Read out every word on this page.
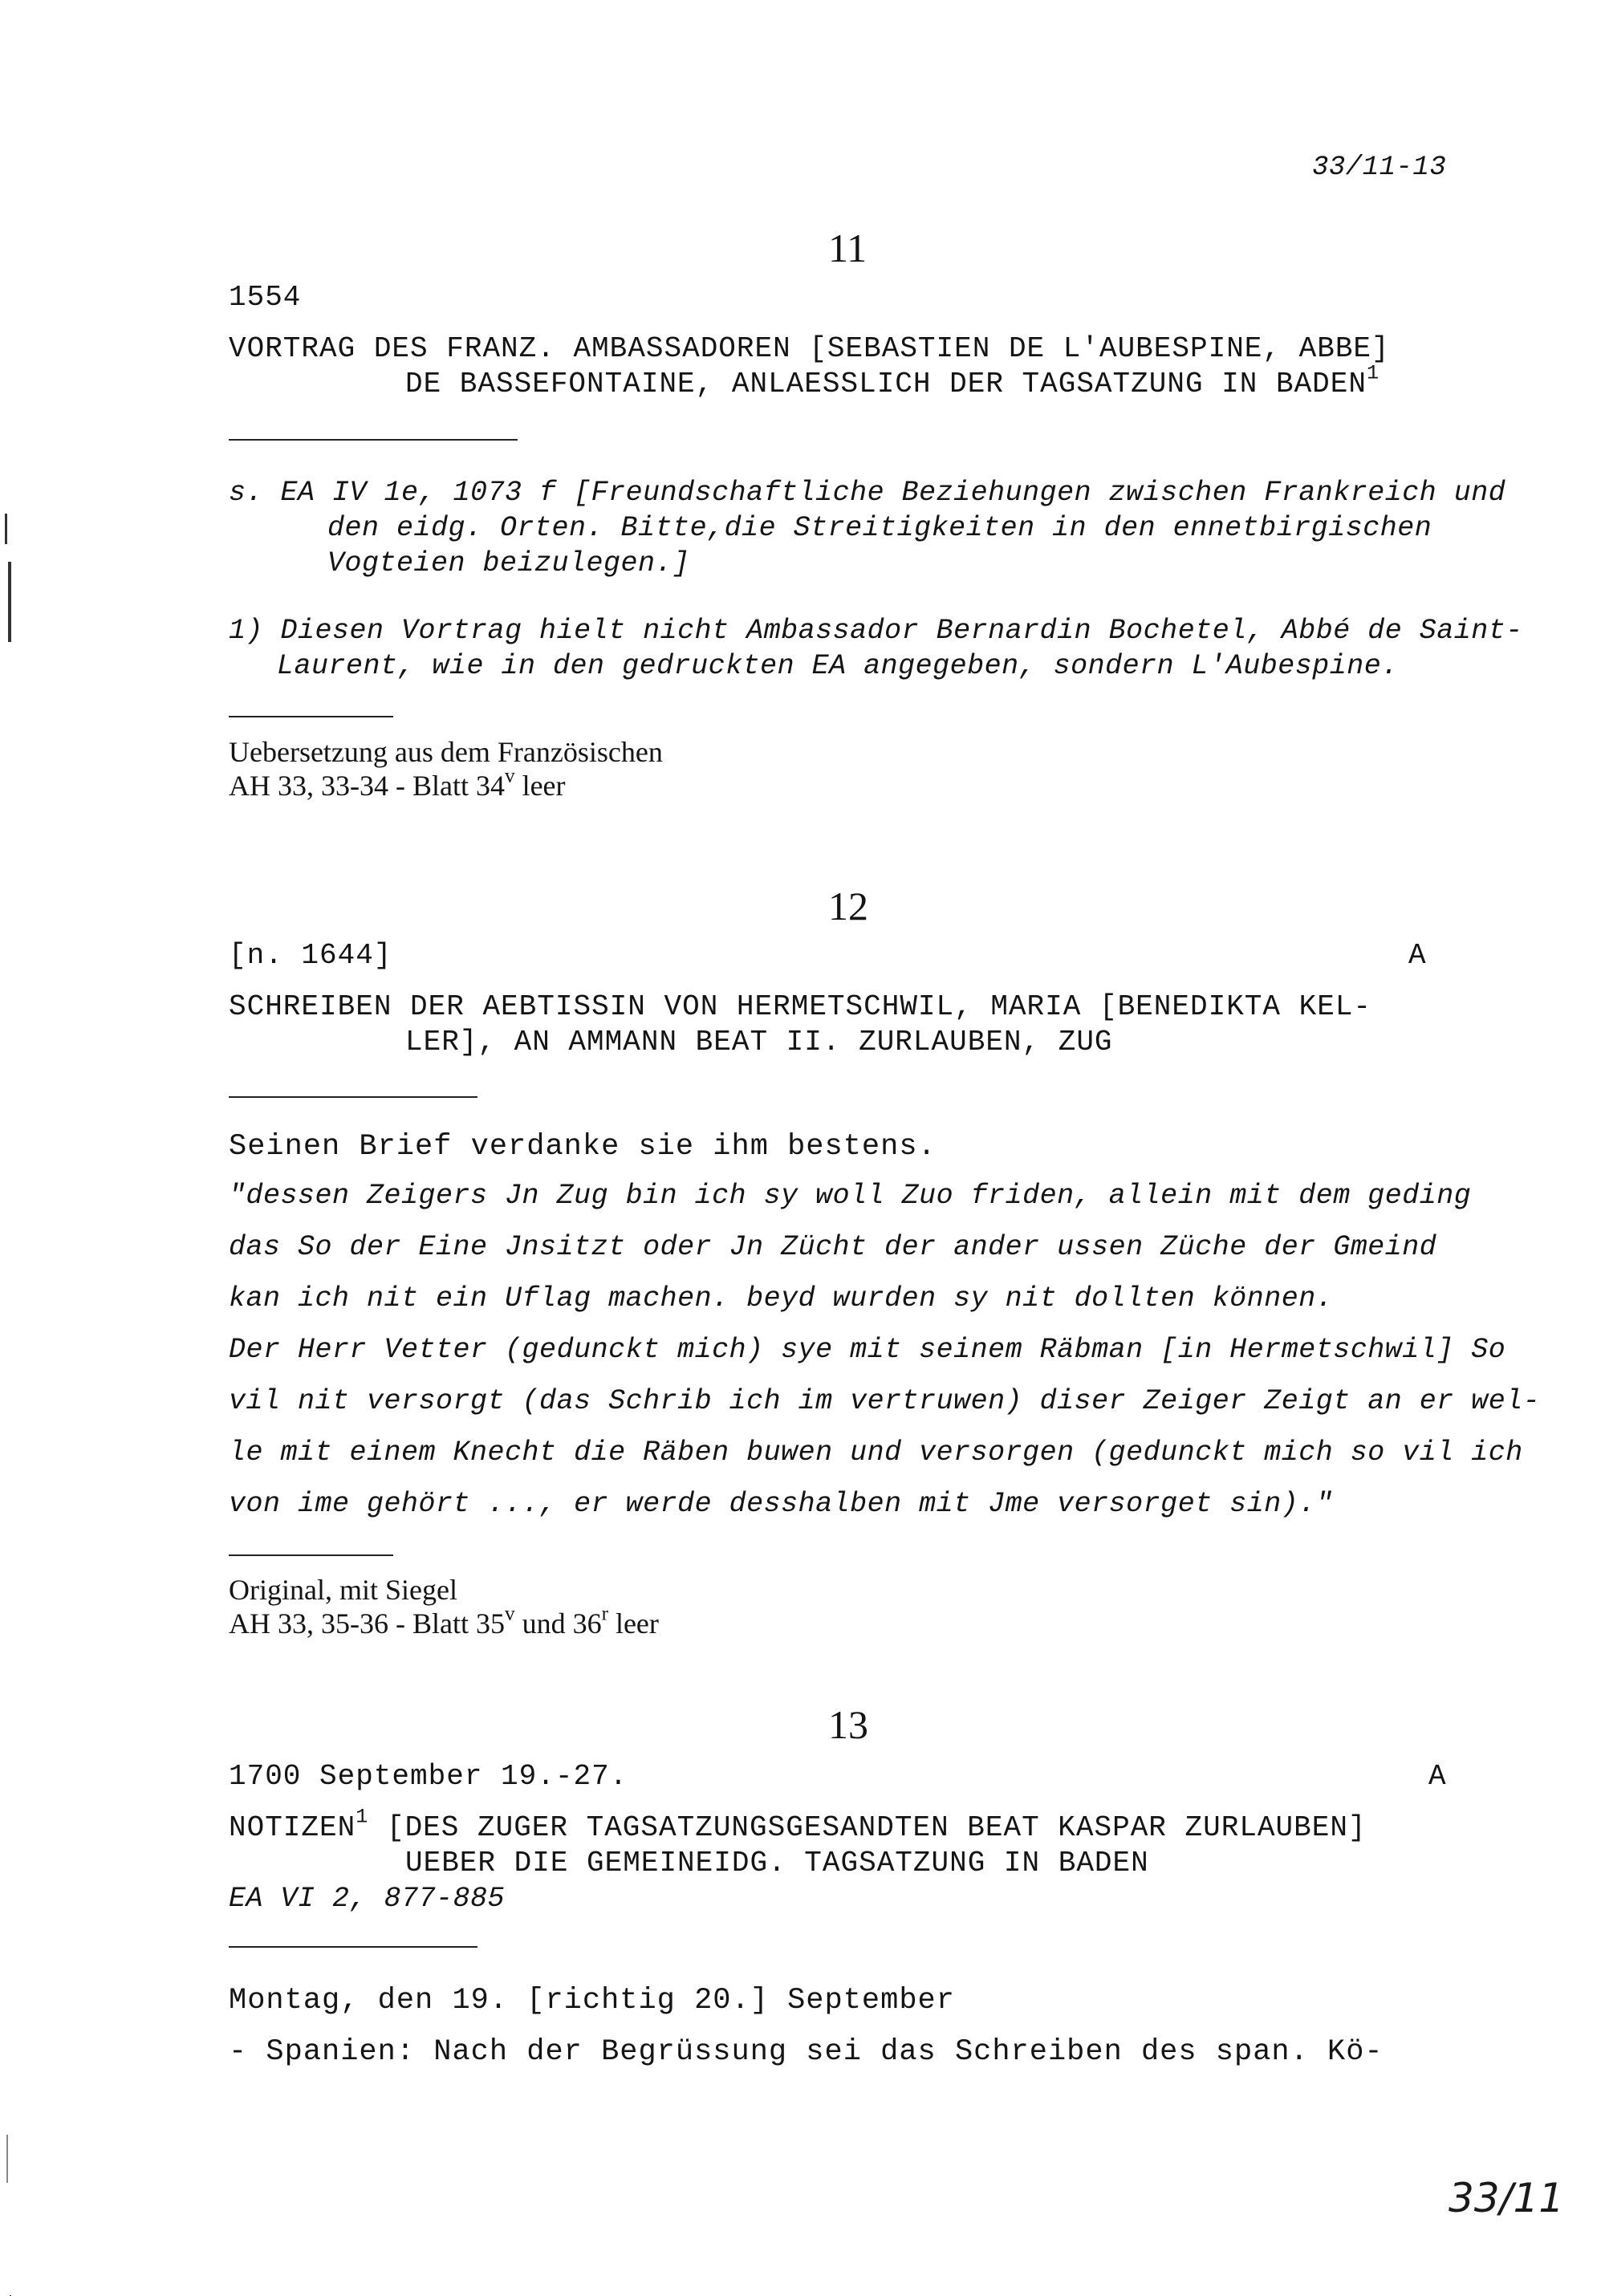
33/11-13
11
1554
VORTRAG DES FRANZ. AMBASSADOREN [SEBASTIEN DE L'AUBESPINE, ABBE]
DE BASSEFONTAINE, ANLAESSLICH DER TAGSATZUNG IN BADEN$^1$
s. EA IV 1e, 1073 f [Freundschaftliche Beziehungen zwischen Frankreich und
den eidg. Orten. Bitte,die Streitigkeiten in den ennetbirgischen
Vogteien beizulegen.]
1) Diesen Vortrag hielt nicht Ambassador Bernardin Bochetel, Abbé de Saint-
Laurent, wie in den gedruckten EA angegeben, sondern L'Aubespine.
Uebersetzung aus dem Französischen
AH 33, 33-34 - Blatt 34$^v$ leer
12
[n. 1644]	A
SCHREIBEN DER AEBTISSIN VON HERMETSCHWIL, MARIA [BENEDIKTA KEL-
LER], AN AMMANN BEAT II. ZURLAUBEN, ZUG
Seinen Brief verdanke sie ihm bestens.
"dessen Zeigers Jn Zug bin ich sy woll Zuo friden, allein mit dem geding
das So der Eine Jnsitzt oder Jn Zücht der ander ussen Züche der Gmeind
kan ich nit ein Uflag machen. beyd wurden sy nit dollten können.
Der Herr Vetter (gedunckt mich) sye mit seinem Räbman [in Hermetschwil] So
vil nit versorgt (das Schrib ich im vertruwen) diser Zeiger Zeigt an er wel-
le mit einem Knecht die Räben buwen und versorgen (gedunckt mich so vil ich
von ime gehört ..., er werde desshalben mit Jme versorget sin)."
Original, mit Siegel
AH 33, 35-36 - Blatt 35$^v$ und 36$^r$ leer
13
1700 September 19.-27.	A
NOTIZEN$^1$ [DES ZUGER TAGSATZUNGSGESANDTEN BEAT KASPAR ZURLAUBEN]
UEBER DIE GEMEINEIDG. TAGSATZUNG IN BADEN
EA VI 2, 877-885
Montag, den 19. [richtig 20.] September
- Spanien: Nach der Begrüssung sei das Schreiben des span. Kö-
33/11
